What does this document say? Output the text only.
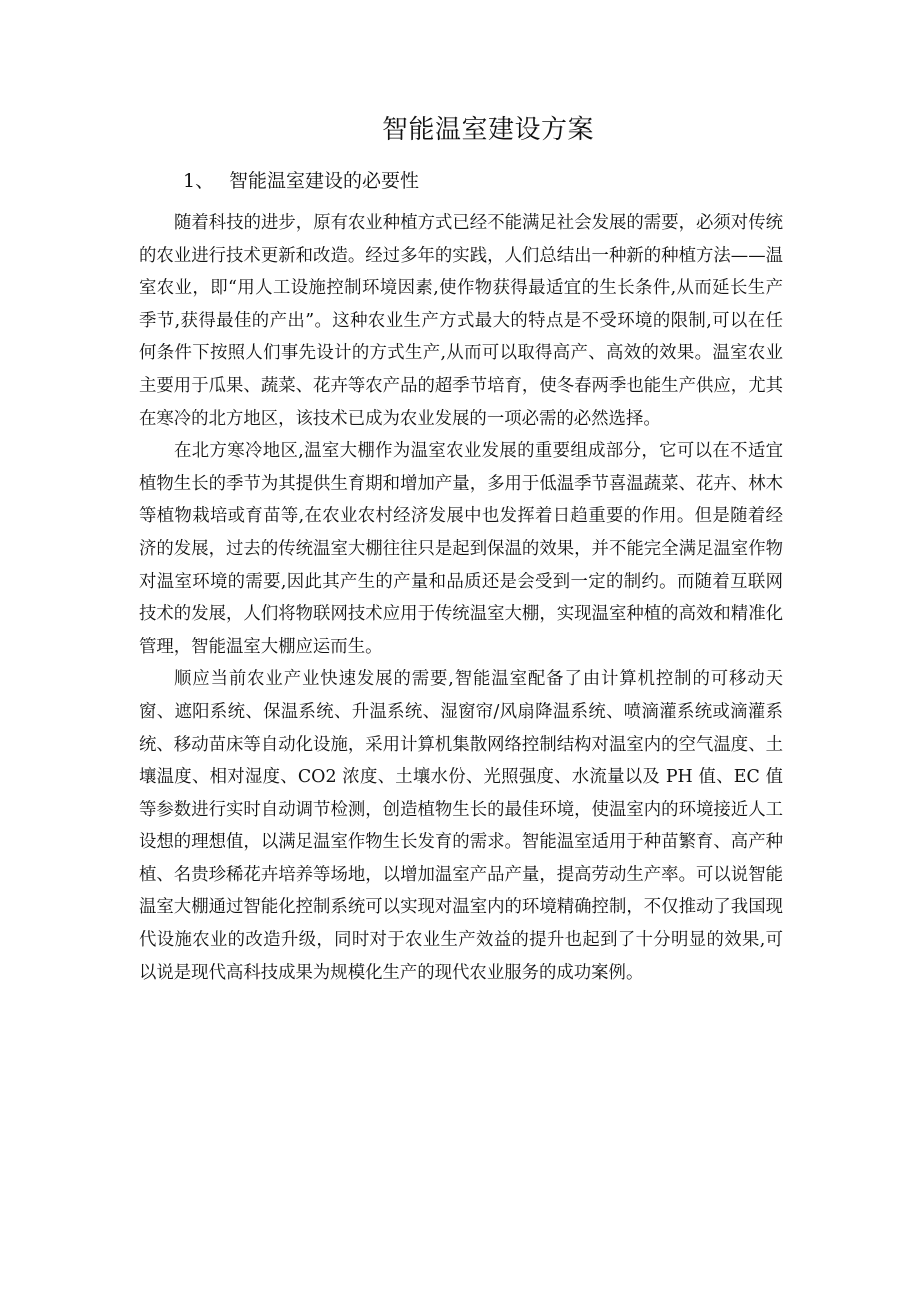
智能温室建设方案
1、 智能温室建设的必要性

随着科技的进步，原有农业种植方式已经不能满足社会发展的需要，必须对传统的农业进行技术更新和改造。经过多年的实践，人们总结出一种新的种植方法——温室农业，即“用人工设施控制环境因素,使作物获得最适宜的生长条件,从而延长生产季节,获得最佳的产出”。这种农业生产方式最大的特点是不受环境的限制,可以在任何条件下按照人们事先设计的方式生产,从而可以取得高产、高效的效果。温室农业主要用于瓜果、蔬菜、花卉等农产品的超季节培育，使冬春两季也能生产供应，尤其在寒冷的北方地区，该技术已成为农业发展的一项必需的必然选择。

在北方寒冷地区,温室大棚作为温室农业发展的重要组成部分，它可以在不适宜植物生长的季节为其提供生育期和增加产量，多用于低温季节喜温蔬菜、花卉、林木等植物栽培或育苗等,在农业农村经济发展中也发挥着日趋重要的作用。但是随着经济的发展，过去的传统温室大棚往往只是起到保温的效果，并不能完全满足温室作物对温室环境的需要,因此其产生的产量和品质还是会受到一定的制约。而随着互联网技术的发展，人们将物联网技术应用于传统温室大棚，实现温室种植的高效和精准化管理，智能温室大棚应运而生。

顺应当前农业产业快速发展的需要,智能温室配备了由计算机控制的可移动天窗、遮阳系统、保温系统、升温系统、湿窗帘/风扇降温系统、喷滴灌系统或滴灌系统、移动苗床等自动化设施，采用计算机集散网络控制结构对温室内的空气温度、土壤温度、相对湿度、CO2 浓度、土壤水份、光照强度、水流量以及 PH 值、EC 值等参数进行实时自动调节检测，创造植物生长的最佳环境，使温室内的环境接近人工设想的理想值，以满足温室作物生长发育的需求。智能温室适用于种苗繁育、高产种植、名贵珍稀花卉培养等场地，以增加温室产品产量，提高劳动生产率。可以说智能温室大棚通过智能化控制系统可以实现对温室内的环境精确控制，不仅推动了我国现代设施农业的改造升级，同时对于农业生产效益的提升也起到了十分明显的效果,可以说是现代高科技成果为规模化生产的现代农业服务的成功案例。
